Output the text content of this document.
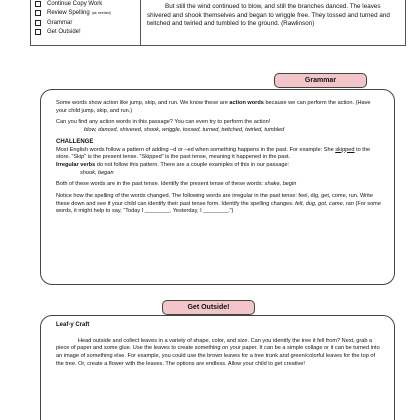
Continue Copy Work
Review Spelling (as needed)
Grammar
Get Outside!
But still the wind continued to blow, and still the branches danced. The leaves shivered and shook themselves and began to wriggle free. They tossed and turned and twitched and twirled and tumbled to the ground. (Rawlinson)
Grammar

Some words show action like jump, skip, and run. We know these are action words because we can perform the action. (Have your child jump, skip, and run.)

Can you find any action words in this passage? You can even try to perform the action!
blow, danced, shivered, shook, wriggle, tossed, turned, twitched, twirled, tumbled

CHALLENGE

Most English words follow a pattern of adding –d or –ed when something happens in the past. For example: She skipped to the store. “Skip” is the present tense. “Skipped” is the past tense, meaning it happened in the past.
Irregular verbs do not follow this pattern. There are a couple examples of this in our passage:
shook, began

Both of these words are in the past tense. Identify the present tense of these words: shake, begin

Notice how the spelling of the words changed. The following words are irregular in the past tense: feel, dig, get, come, run. Write these down and see if your child can identify their past tense form. Identify the spelling changes. felt, dug, got, came, ran (For some words, it might help to say, “Today I ________. Yesterday, I ________.”)

Get Outside!
Leaf-y Craft

Head outside and collect leaves in a variety of shape, color, and size. Can you identify the tree it fell from? Next, grab a piece of paper and some glue. Use the leaves to create something on your paper. It can be a simple collage or it can be turned into an image of something else. For example, you could use the brown leaves for a tree trunk and green/colorful leaves for the top of the tree. Or, create a flower with the leaves. The options are endless. Allow your child to get creative!
